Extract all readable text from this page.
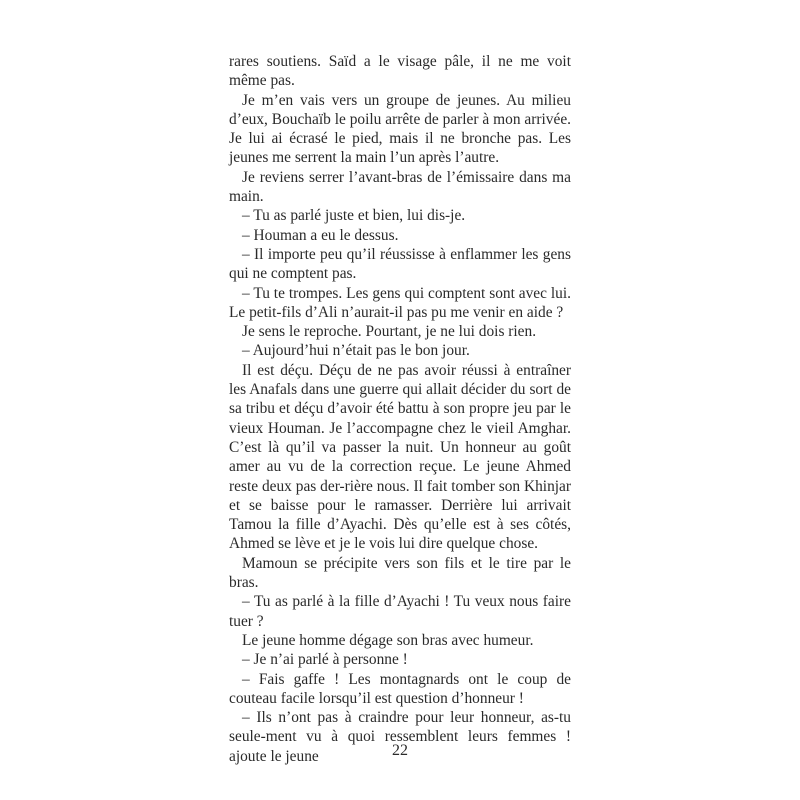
rares soutiens. Saïd a le visage pâle, il ne me voit même pas.

Je m’en vais vers un groupe de jeunes. Au milieu d’eux, Bouchaïb le poilu arrête de parler à mon arrivée. Je lui ai écrasé le pied, mais il ne bronche pas. Les jeunes me serrent la main l’un après l’autre.

Je reviens serrer l’avant-bras de l’émissaire dans ma main.

– Tu as parlé juste et bien, lui dis-je.

– Houman a eu le dessus.

– Il importe peu qu’il réussisse à enflammer les gens qui ne comptent pas.

– Tu te trompes. Les gens qui comptent sont avec lui. Le petit-fils d’Ali n’aurait-il pas pu me venir en aide ?

Je sens le reproche. Pourtant, je ne lui dois rien.

– Aujourd’hui n’était pas le bon jour.

Il est déçu. Déçu de ne pas avoir réussi à entraîner les Anafals dans une guerre qui allait décider du sort de sa tribu et déçu d’avoir été battu à son propre jeu par le vieux Houman. Je l’accompagne chez le vieil Amghar. C’est là qu’il va passer la nuit. Un honneur au goût amer au vu de la correction reçue. Le jeune Ahmed reste deux pas der-rière nous. Il fait tomber son Khinjar et se baisse pour le ramasser. Derrière lui arrivait Tamou la fille d’Ayachi. Dès qu’elle est à ses côtés, Ahmed se lève et je le vois lui dire quelque chose.

Mamoun se précipite vers son fils et le tire par le bras.

– Tu as parlé à la fille d’Ayachi ! Tu veux nous faire tuer ?

Le jeune homme dégage son bras avec humeur.

– Je n’ai parlé à personne !

– Fais gaffe ! Les montagnards ont le coup de couteau facile lorsqu’il est question d’honneur !

– Ils n’ont pas à craindre pour leur honneur, as-tu seule-ment vu à quoi ressemblent leurs femmes ! ajoute le jeune	22
